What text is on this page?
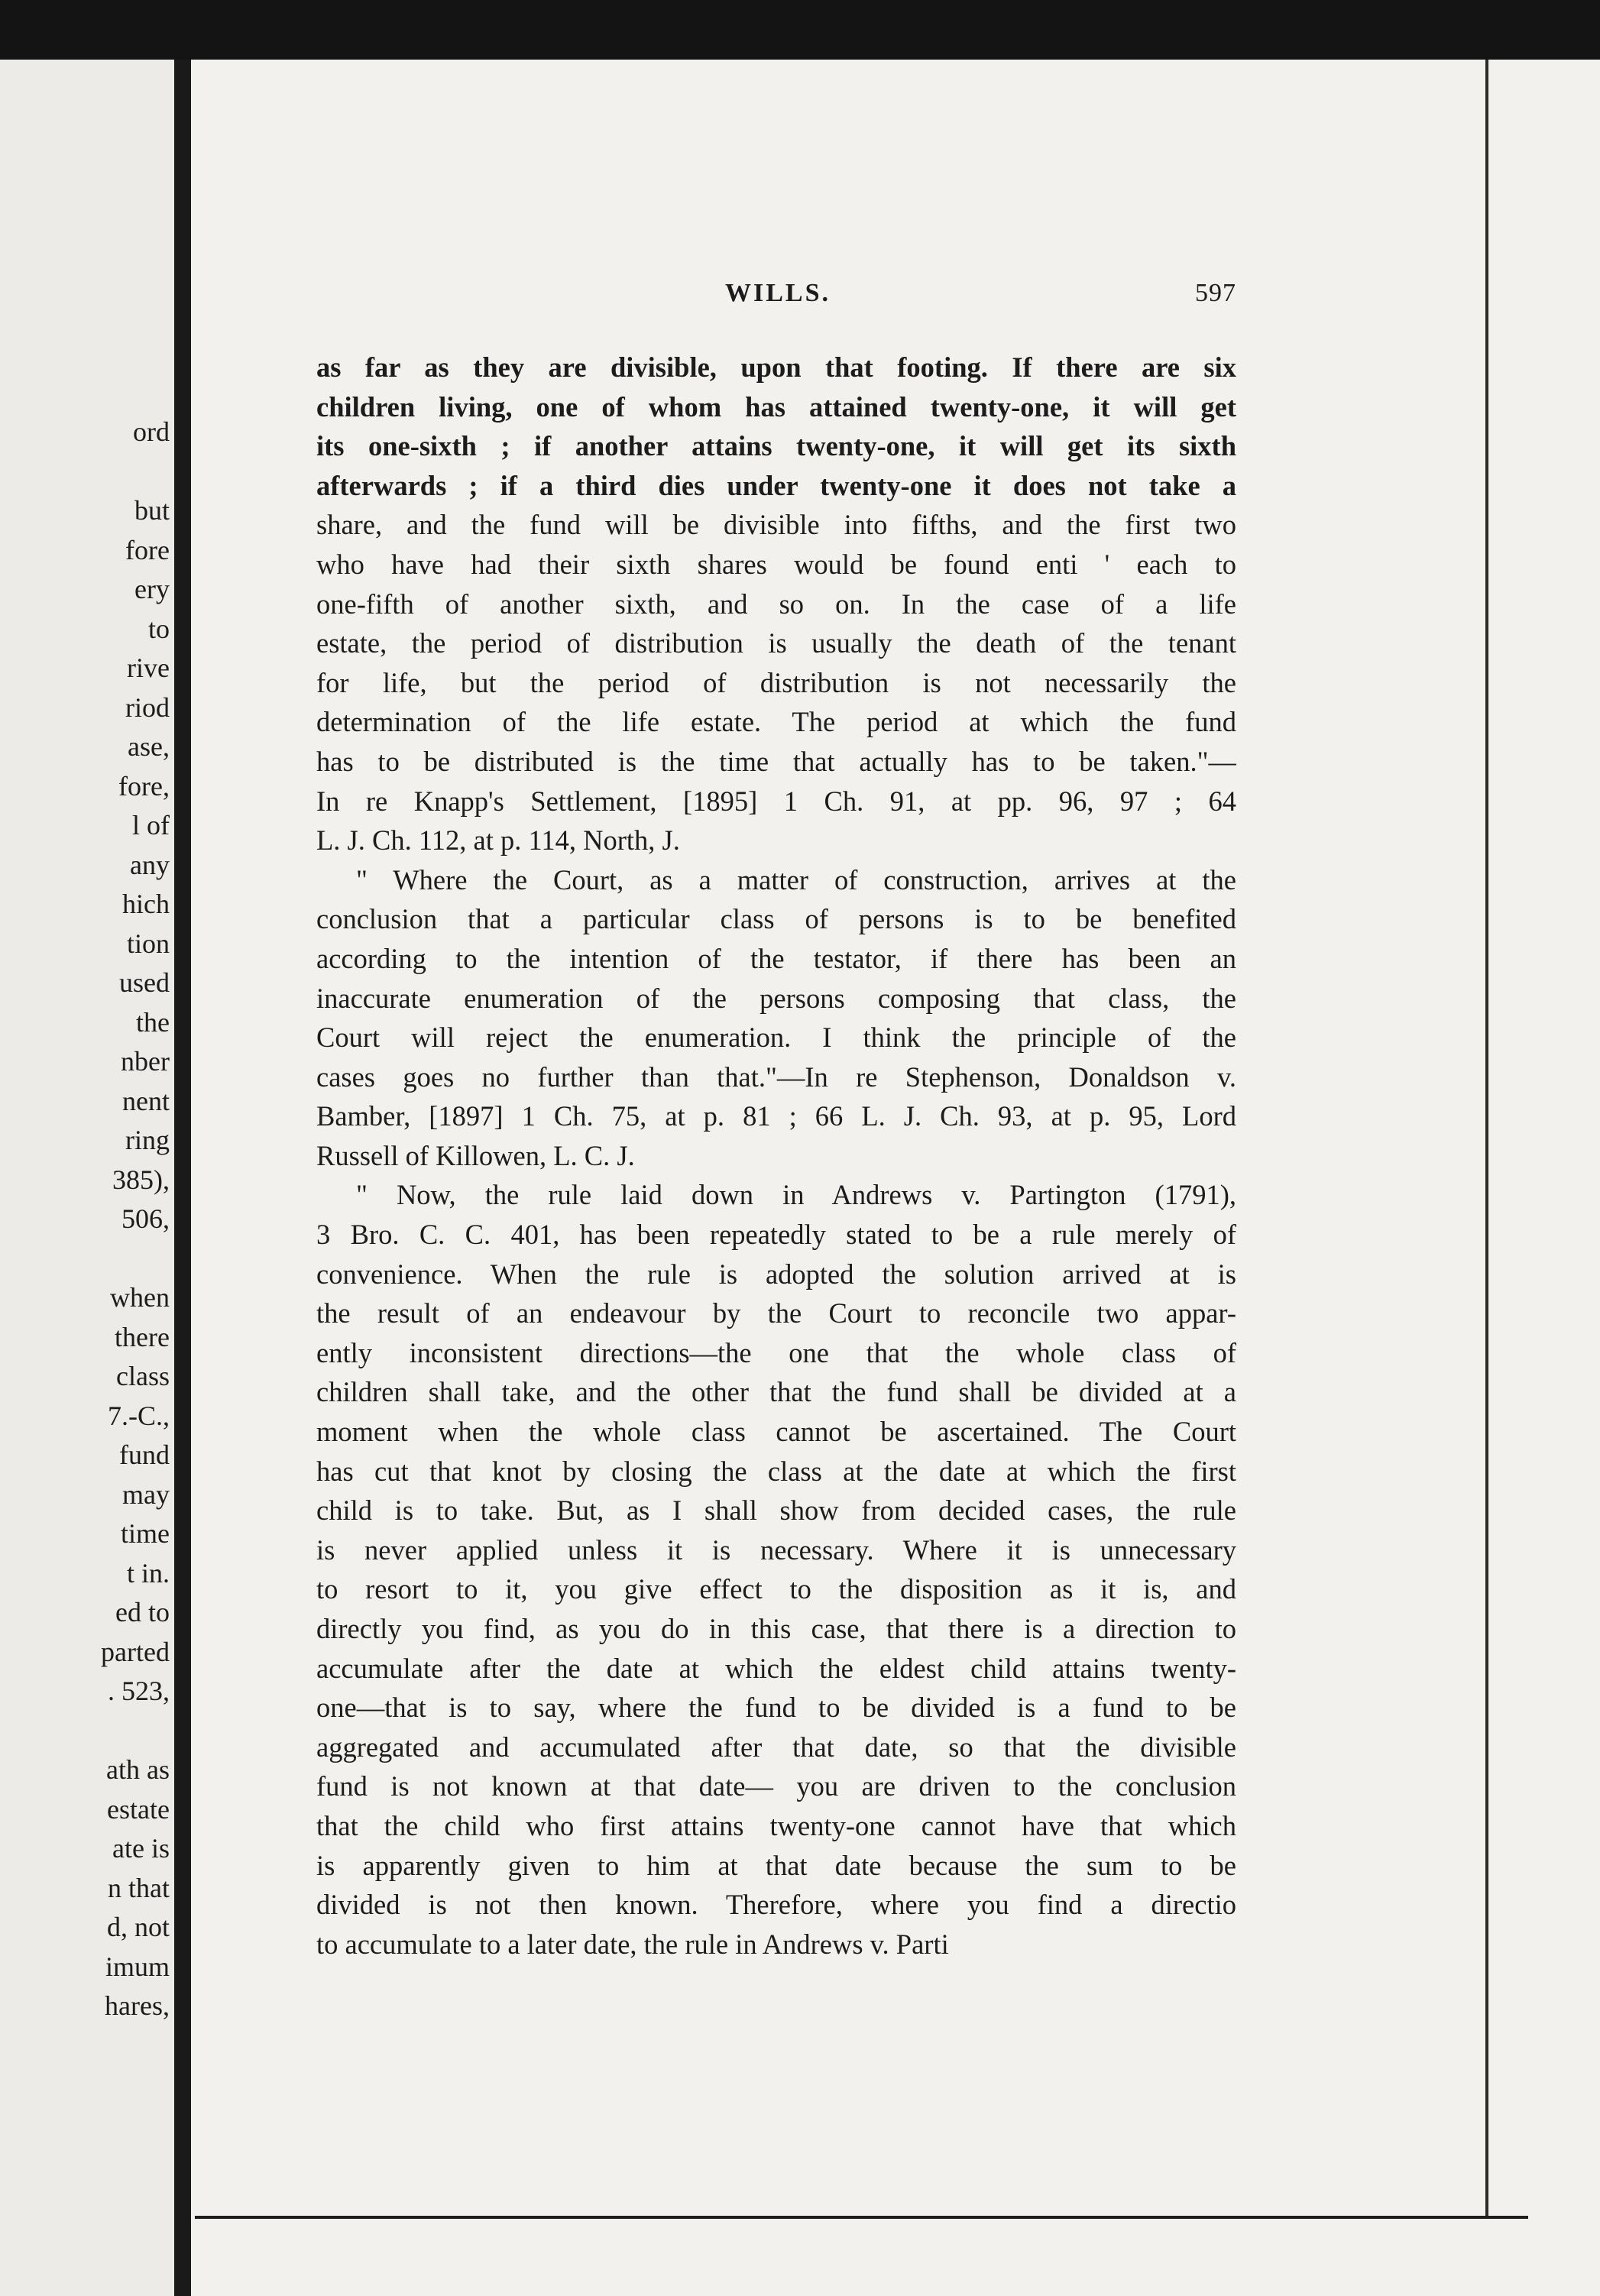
ord
but
fore
ery
to
rive
riod
ase,
fore,
l of
any
hich
tion
used
the
nber
nent
ring
385),
506,
when
there
class
7.-C.,
fund
may
time
t in.
ed to
parted
. 523,
ath as
estate
ate is
n that
d, not
imum
hares,
WILLS.	597
as far as they are divisible, upon that footing. If there are six
children living, one of whom has attained twenty-one, it will get
its one-sixth ; if another attains twenty-one, it will get its sixth
afterwards ; if a third dies under twenty-one it does not take a
share, and the fund will be divisible into fifths, and the first two
who have had their sixth shares would be found enti ' each to
one-fifth of another sixth, and so on. In the case of a life
estate, the period of distribution is usually the death of the tenant
for life, but the period of distribution is not necessarily the
determination of the life estate. The period at which the fund
has to be distributed is the time that actually has to be taken."—
In re Knapp's Settlement, [1895] 1 Ch. 91, at pp. 96, 97 ; 64
L. J. Ch. 112, at p. 114, North, J.
" Where the Court, as a matter of construction, arrives at the
conclusion that a particular class of persons is to be benefited
according to the intention of the testator, if there has been an
inaccurate enumeration of the persons composing that class, the
Court will reject the enumeration. I think the principle of the
cases goes no further than that."—In re Stephenson, Donaldson v.
Bamber, [1897] 1 Ch. 75, at p. 81 ; 66 L. J. Ch. 93, at p. 95, Lord
Russell of Killowen, L. C. J.
" Now, the rule laid down in Andrews v. Partington (1791),
3 Bro. C. C. 401, has been repeatedly stated to be a rule merely of
convenience. When the rule is adopted the solution arrived at is
the result of an endeavour by the Court to reconcile two appar-
ently inconsistent directions—the one that the whole class of
children shall take, and the other that the fund shall be divided at a
moment when the whole class cannot be ascertained. The Court
has cut that knot by closing the class at the date at which the first
child is to take. But, as I shall show from decided cases, the rule
is never applied unless it is necessary. Where it is unnecessary
to resort to it, you give effect to the disposition as it is, and
directly you find, as you do in this case, that there is a direction to
accumulate after the date at which the eldest child attains twenty-
one—that is to say, where the fund to be divided is a fund to be
aggregated and accumulated after that date, so that the divisible
fund is not known at that date— you are driven to the conclusion
that the child who first attains twenty-one cannot have that which
is apparently given to him at that date because the sum to be
divided is not then known. Therefore, where you find a directio
to accumulate to a later date, the rule in Andrews v. Parti
